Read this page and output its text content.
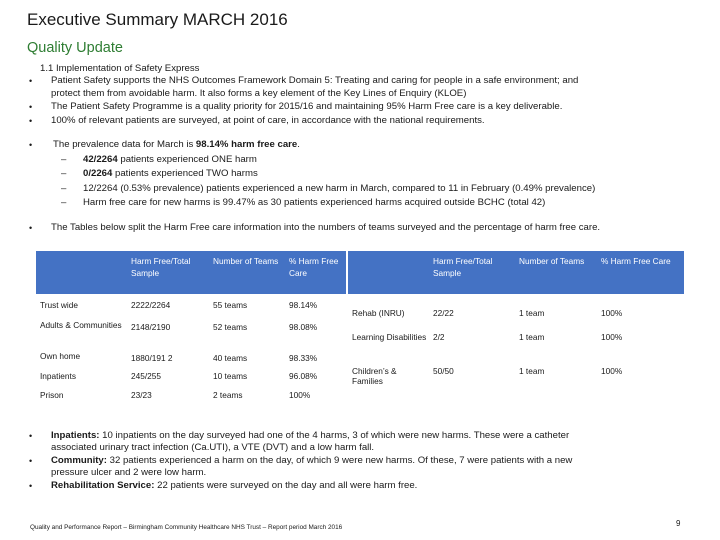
Executive Summary MARCH 2016
Quality Update
1.1 Implementation of Safety Express
• Patient Safety supports the NHS Outcomes Framework Domain 5: Treating and caring for people in a safe environment; and
protect them from avoidable harm. It also forms a key element of the Key Lines of Enquiry (KLOE)
• The Patient Safety Programme is a quality priority for 2015/16 and maintaining 95% Harm Free care is a key deliverable.
• 100% of relevant patients are surveyed, at point of care, in accordance with the national requirements.
• The prevalence data for March is 98.14% harm free care.
– 42/2264 patients experienced ONE harm
– 0/2264 patients experienced TWO harms
– 12/2264 (0.53% prevalence) patients experienced a new harm in March, compared to 11 in February (0.49% prevalence)
– Harm free care for new harms is 99.47% as 30 patients experienced harms acquired outside BCHC (total 42)
• The Tables below split the Harm Free care information into the numbers of teams surveyed and the percentage of harm free care.
	Harm Free/Total Sample	Number of Teams	% Harm Free Care
Trust wide	2222/2264	55 teams	98.14%
Adults & Communities	2148/2190	52 teams	98.08%
Own home	1880/191 2	40 teams	98.33%
Inpatients	245/255	10 teams	96.08%
Prison	23/23	2 teams	100%
	Harm Free/Total Sample	Number of Teams	% Harm Free Care
Rehab (INRU)	22/22	1 team	100%
Learning Disabilities	2/2	1 team	100%
Children’s & Families	50/50	1 team	100%
• Inpatients: 10 inpatients on the day surveyed had one of the 4 harms, 3 of which were new harms. These were a catheter
associated urinary tract infection (Ca.UTI), a VTE (DVT) and a low harm fall.
• Community: 32 patients experienced a harm on the day, of which 9 were new harms. Of these, 7 were patients with a new
pressure ulcer and 2 were low harm.
• Rehabilitation Service: 22 patients were surveyed on the day and all were harm free.
Quality and Performance Report – Birmingham Community Healthcare NHS Trust – Report period March 2016	9
